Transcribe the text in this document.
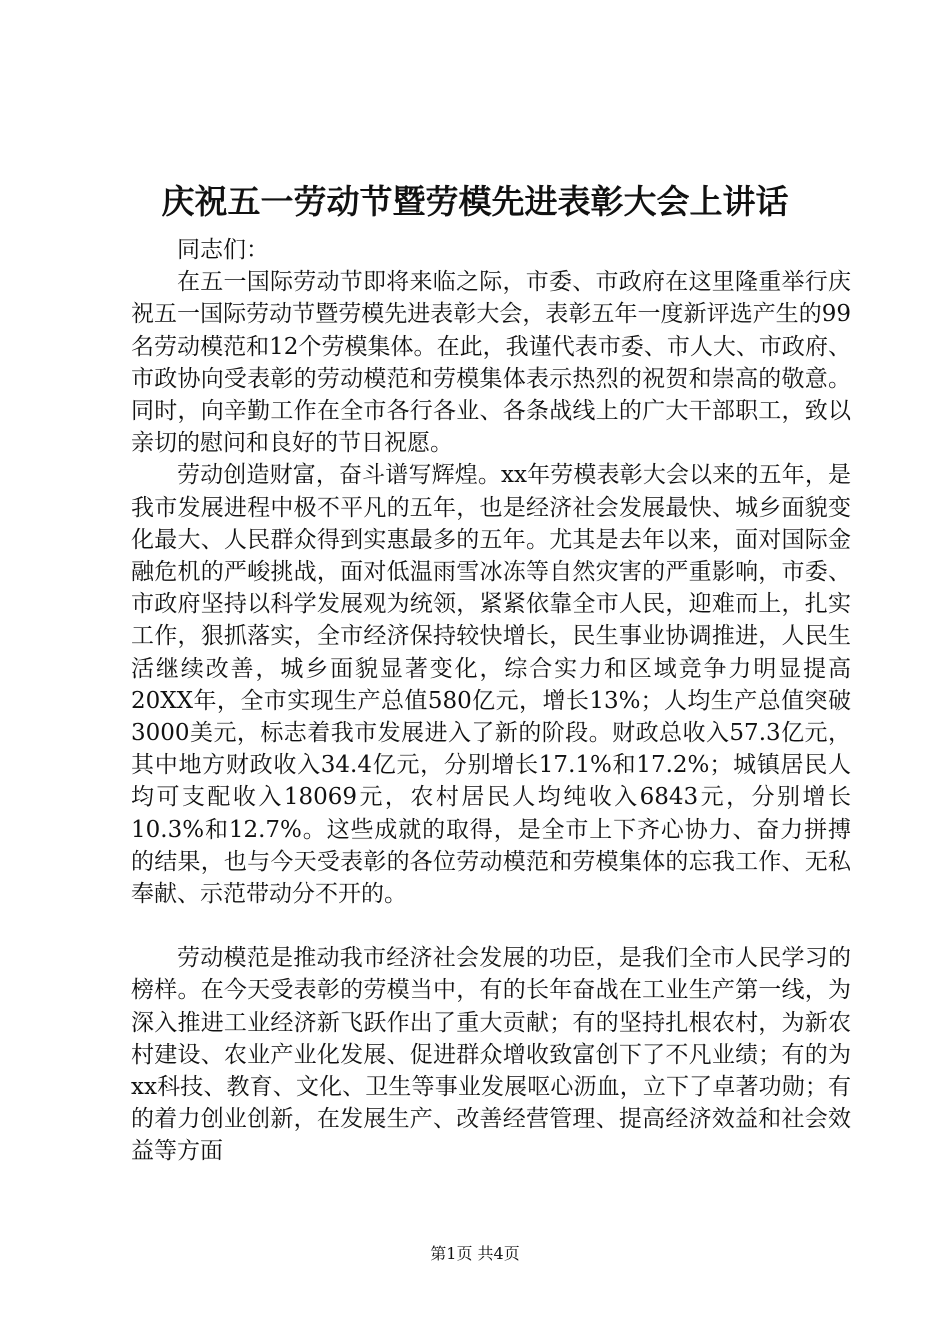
庆祝五一劳动节暨劳模先进表彰大会上讲话

同志们：

在五一国际劳动节即将来临之际，市委、市政府在这里隆重举行庆祝五一国际劳动节暨劳模先进表彰大会，表彰五年一度新评选产生的99名劳动模范和12个劳模集体。在此，我谨代表市委、市人大、市政府、市政协向受表彰的劳动模范和劳模集体表示热烈的祝贺和崇高的敬意。同时，向辛勤工作在全市各行各业、各条战线上的广大干部职工，致以亲切的慰问和良好的节日祝愿。

劳动创造财富，奋斗谱写辉煌。xx年劳模表彰大会以来的五年，是我市发展进程中极不平凡的五年，也是经济社会发展最快、城乡面貌变化最大、人民群众得到实惠最多的五年。尤其是去年以来，面对国际金融危机的严峻挑战，面对低温雨雪冰冻等自然灾害的严重影响，市委、市政府坚持以科学发展观为统领，紧紧依靠全市人民，迎难而上，扎实工作，狠抓落实，全市经济保持较快增长，民生事业协调推进，人民生活继续改善，城乡面貌显著变化，综合实力和区域竞争力明显提高20XX年，全市实现生产总值580亿元，增长13%；人均生产总值突破3000美元，标志着我市发展进入了新的阶段。财政总收入57.3亿元，其中地方财政收入34.4亿元，分别增长17.1%和17.2%；城镇居民人均可支配收入18069元，农村居民人均纯收入6843元，分别增长10.3%和12.7%。这些成就的取得，是全市上下齐心协力、奋力拼搏的结果，也与今天受表彰的各位劳动模范和劳模集体的忘我工作、无私奉献、示范带动分不开的。

劳动模范是推动我市经济社会发展的功臣，是我们全市人民学习的榜样。在今天受表彰的劳模当中，有的长年奋战在工业生产第一线，为深入推进工业经济新飞跃作出了重大贡献；有的坚持扎根农村，为新农村建设、农业产业化发展、促进群众增收致富创下了不凡业绩；有的为xx科技、教育、文化、卫生等事业发展呕心沥血，立下了卓著功勋；有的着力创业创新，在发展生产、改善经营管理、提高经济效益和社会效益等方面

第1页 共4页
